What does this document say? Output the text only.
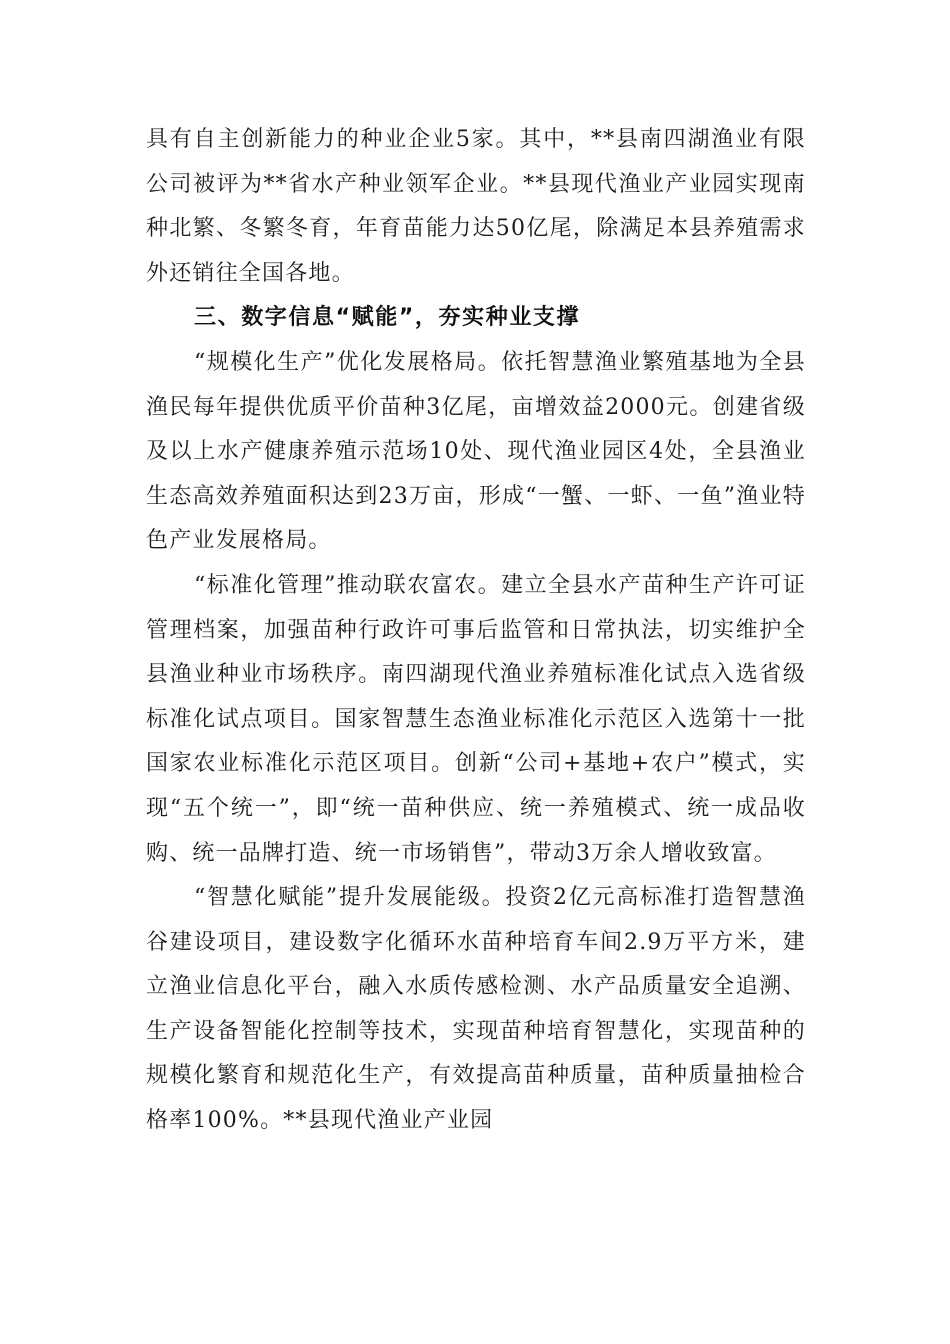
具有自主创新能力的种业企业5家。其中，**县南四湖渔业有限公司被评为**省水产种业领军企业。**县现代渔业产业园实现南种北繁、冬繁冬育，年育苗能力达50亿尾，除满足本县养殖需求外还销往全国各地。

三、数字信息“赋能”，夯实种业支撑

“规模化生产”优化发展格局。依托智慧渔业繁殖基地为全县渔民每年提供优质平价苗种3亿尾，亩增效益2000元。创建省级及以上水产健康养殖示范场10处、现代渔业园区4处，全县渔业生态高效养殖面积达到23万亩，形成“一蟹、一虾、一鱼”渔业特色产业发展格局。

“标准化管理”推动联农富农。建立全县水产苗种生产许可证管理档案，加强苗种行政许可事后监管和日常执法，切实维护全县渔业种业市场秩序。南四湖现代渔业养殖标准化试点入选省级标准化试点项目。国家智慧生态渔业标准化示范区入选第十一批国家农业标准化示范区项目。创新“公司+基地+农户”模式，实现“五个统一”，即“统一苗种供应、统一养殖模式、统一成品收购、统一品牌打造、统一市场销售”，带动3万余人增收致富。

“智慧化赋能”提升发展能级。投资2亿元高标准打造智慧渔谷建设项目，建设数字化循环水苗种培育车间2.9万平方米，建立渔业信息化平台，融入水质传感检测、水产品质量安全追溯、生产设备智能化控制等技术，实现苗种培育智慧化，实现苗种的规模化繁育和规范化生产，有效提高苗种质量，苗种质量抽检合格率100%。**县现代渔业产业园
